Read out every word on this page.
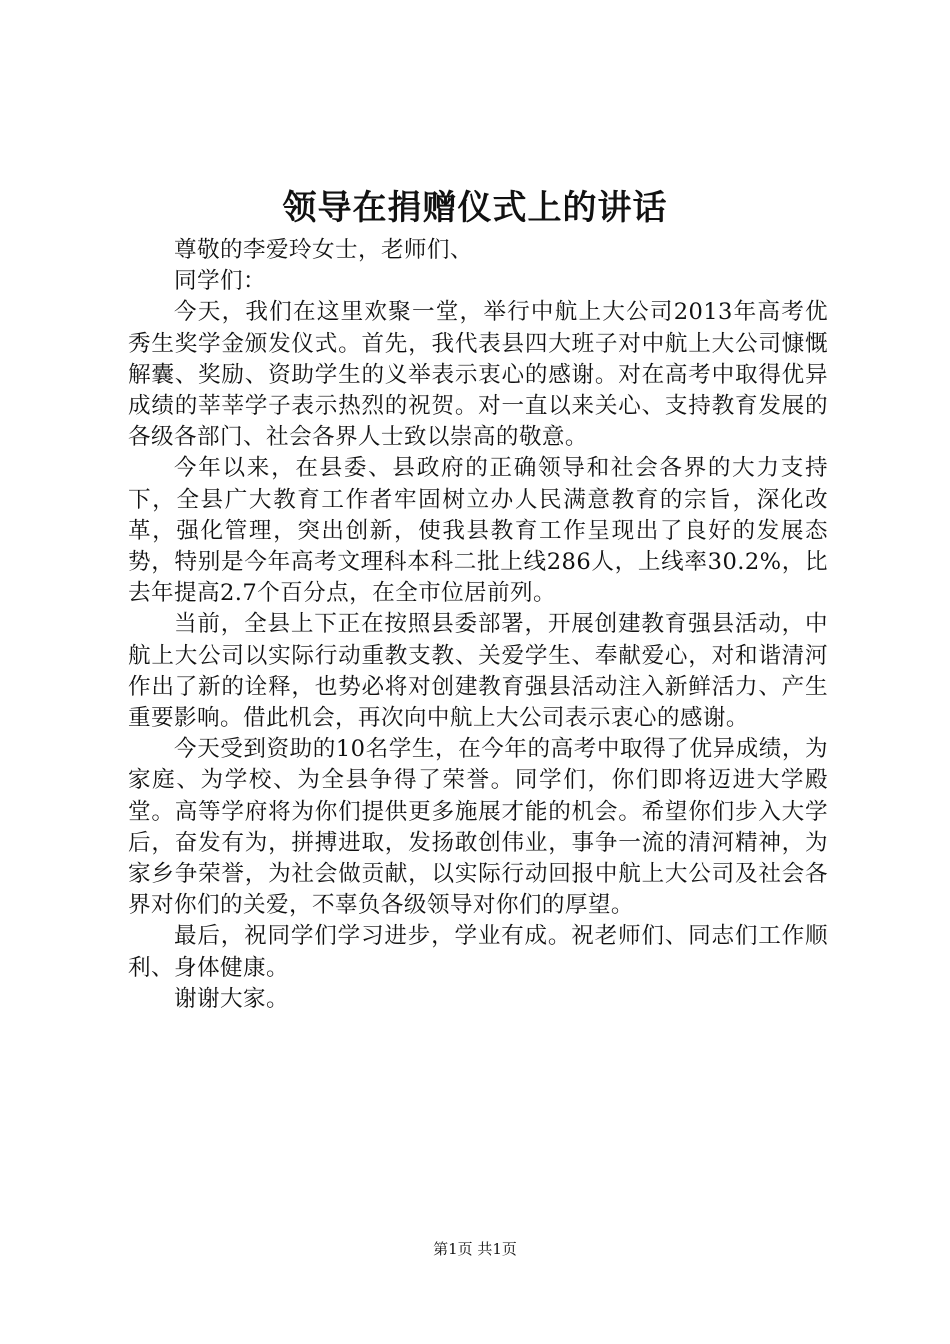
领导在捐赠仪式上的讲话

尊敬的李爱玲女士，老师们、

同学们：

今天，我们在这里欢聚一堂，举行中航上大公司2013年高考优秀生奖学金颁发仪式。首先，我代表县四大班子对中航上大公司慷慨解囊、奖励、资助学生的义举表示衷心的感谢。对在高考中取得优异成绩的莘莘学子表示热烈的祝贺。对一直以来关心、支持教育发展的各级各部门、社会各界人士致以崇高的敬意。

今年以来，在县委、县政府的正确领导和社会各界的大力支持下，全县广大教育工作者牢固树立办人民满意教育的宗旨，深化改革，强化管理，突出创新，使我县教育工作呈现出了良好的发展态势，特别是今年高考文理科本科二批上线286人，上线率30.2%，比去年提高2.7个百分点，在全市位居前列。

当前，全县上下正在按照县委部署，开展创建教育强县活动，中航上大公司以实际行动重教支教、关爱学生、奉献爱心，对和谐清河作出了新的诠释，也势必将对创建教育强县活动注入新鲜活力、产生重要影响。借此机会，再次向中航上大公司表示衷心的感谢。

今天受到资助的10名学生，在今年的高考中取得了优异成绩，为家庭、为学校、为全县争得了荣誉。同学们，你们即将迈进大学殿堂。高等学府将为你们提供更多施展才能的机会。希望你们步入大学后，奋发有为，拼搏进取，发扬敢创伟业，事争一流的清河精神，为家乡争荣誉，为社会做贡献，以实际行动回报中航上大公司及社会各界对你们的关爱，不辜负各级领导对你们的厚望。

最后，祝同学们学习进步，学业有成。祝老师们、同志们工作顺利、身体健康。

谢谢大家。

第1页 共1页
